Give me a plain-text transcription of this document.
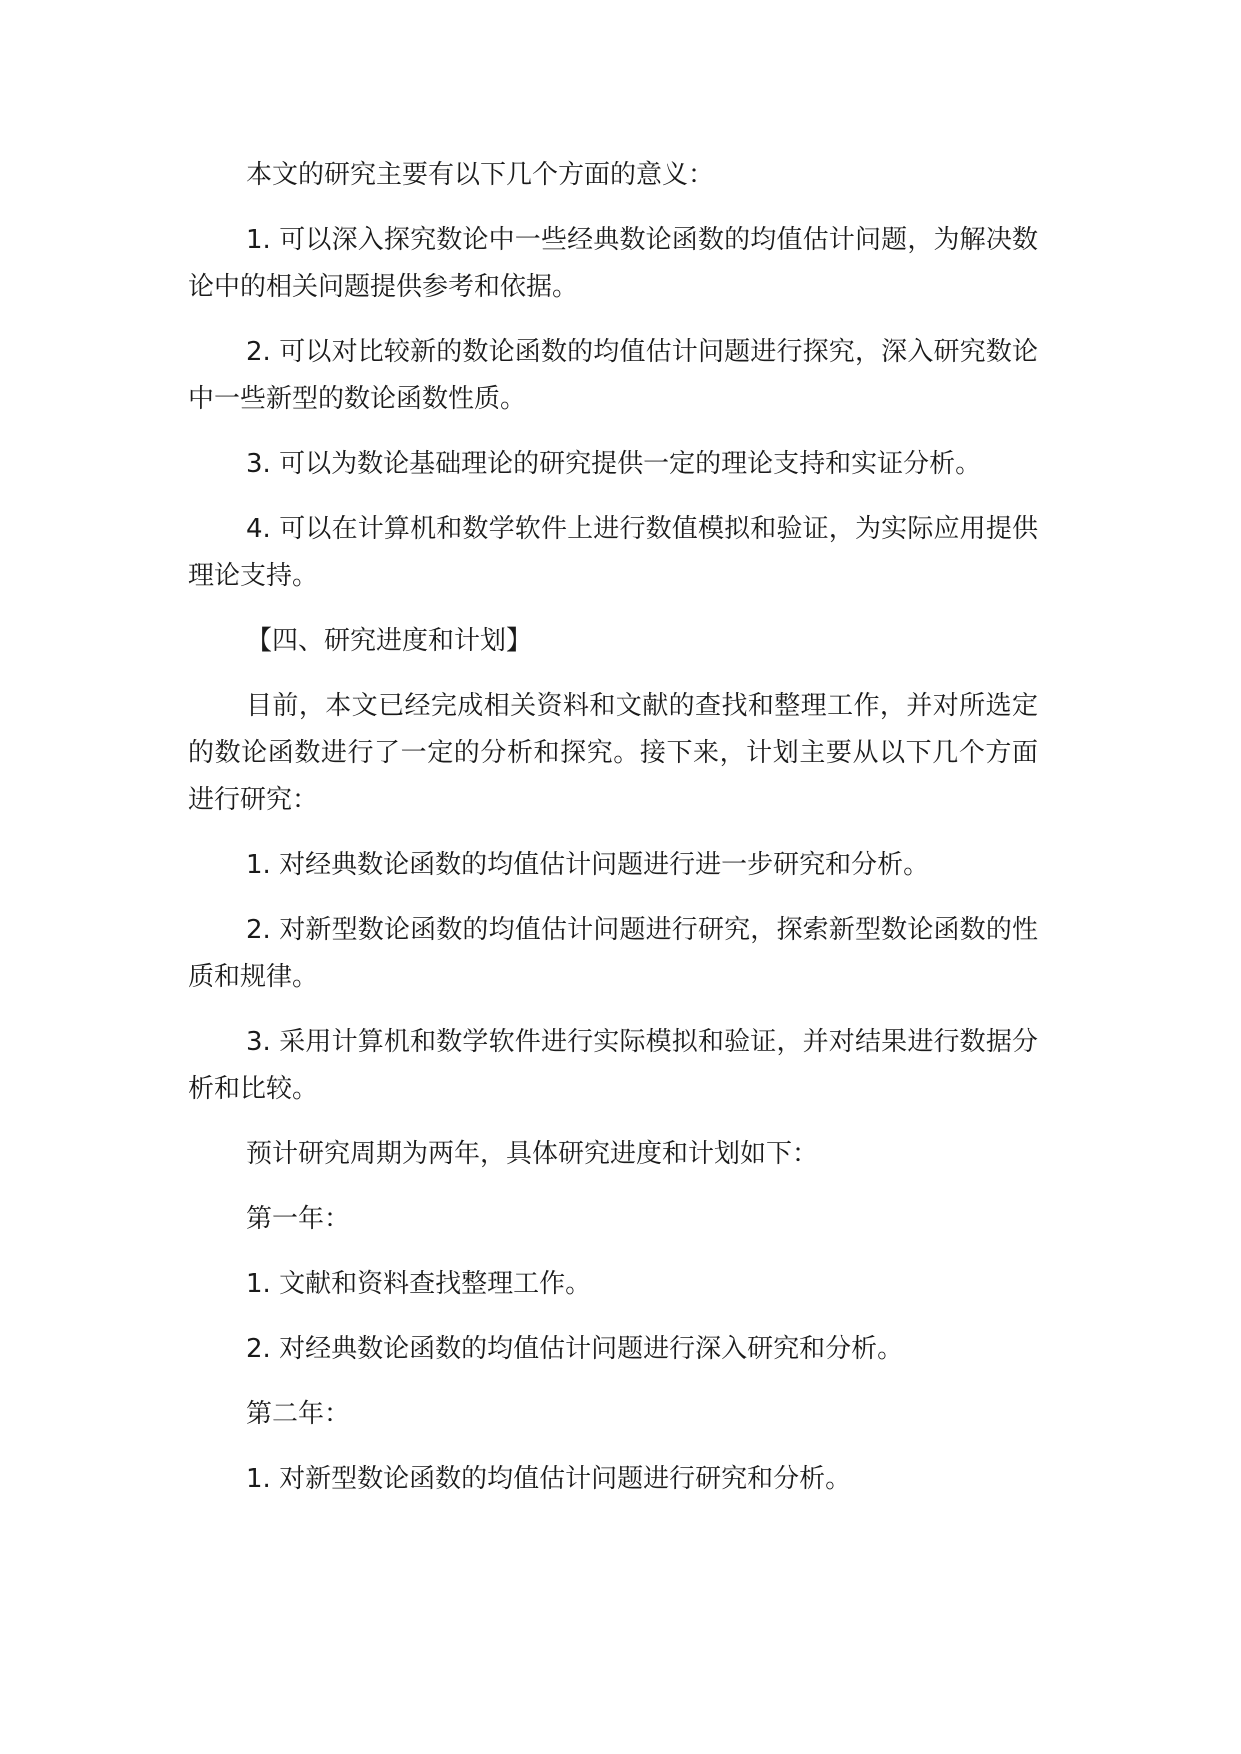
本文的研究主要有以下几个方面的意义：

1. 可以深入探究数论中一些经典数论函数的均值估计问题，为解决数论中的相关问题提供参考和依据。

2. 可以对比较新的数论函数的均值估计问题进行探究，深入研究数论中一些新型的数论函数性质。

3. 可以为数论基础理论的研究提供一定的理论支持和实证分析。

4. 可以在计算机和数学软件上进行数值模拟和验证，为实际应用提供理论支持。

【四、研究进度和计划】

目前，本文已经完成相关资料和文献的查找和整理工作，并对所选定的数论函数进行了一定的分析和探究。接下来，计划主要从以下几个方面进行研究：

1. 对经典数论函数的均值估计问题进行进一步研究和分析。

2. 对新型数论函数的均值估计问题进行研究，探索新型数论函数的性质和规律。

3. 采用计算机和数学软件进行实际模拟和验证，并对结果进行数据分析和比较。

预计研究周期为两年，具体研究进度和计划如下：

第一年：

1. 文献和资料查找整理工作。

2. 对经典数论函数的均值估计问题进行深入研究和分析。

第二年：

1. 对新型数论函数的均值估计问题进行研究和分析。
